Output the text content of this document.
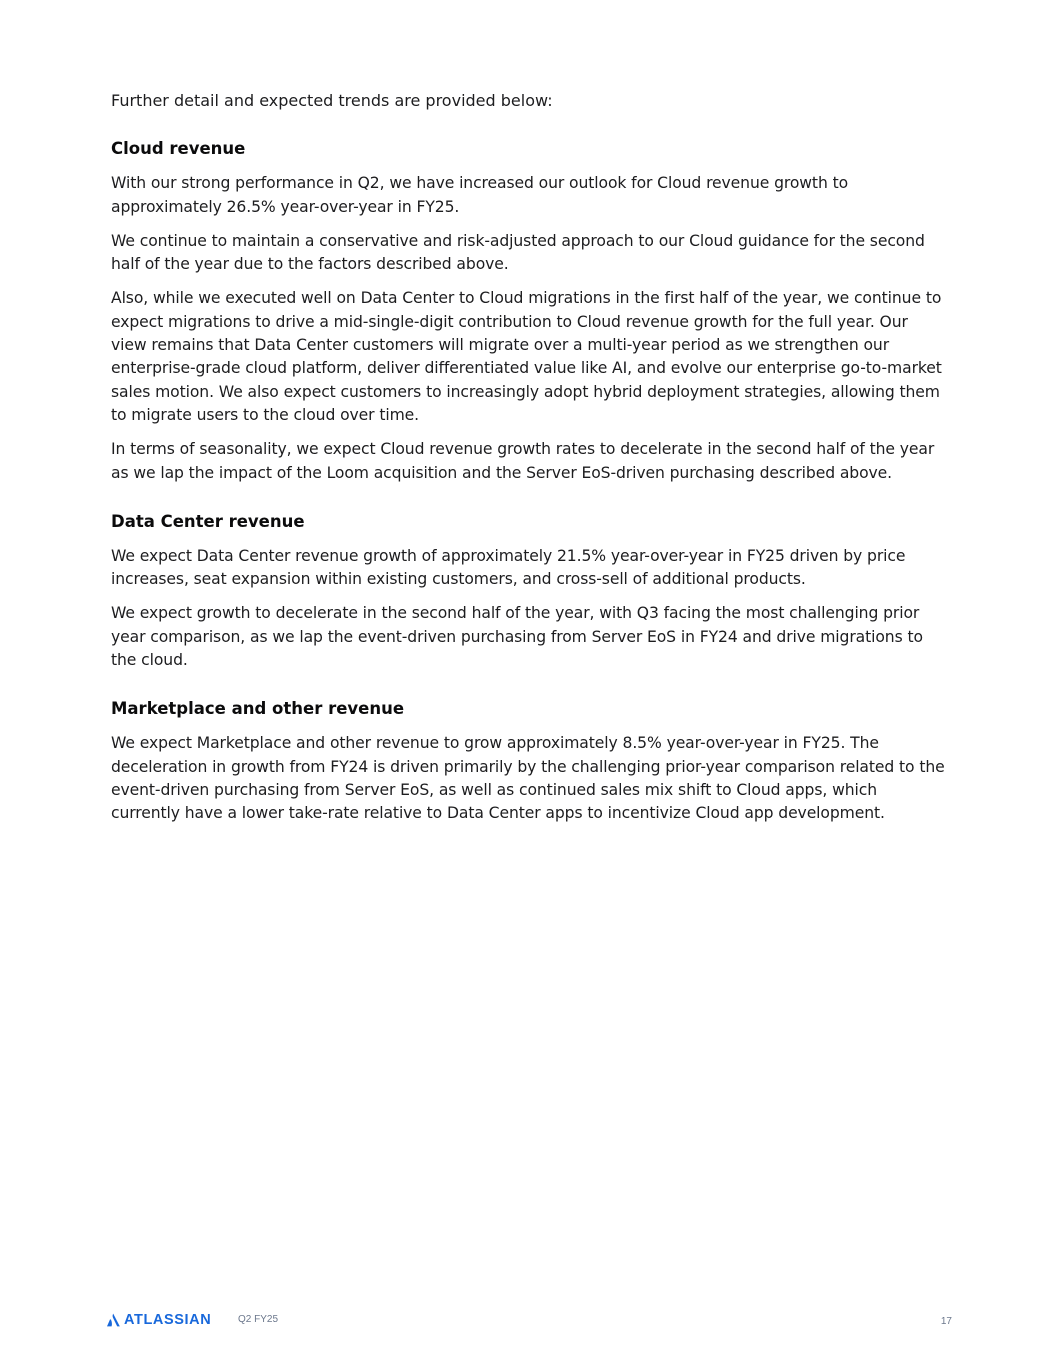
Further detail and expected trends are provided below:

Cloud revenue

With our strong performance in Q2, we have increased our outlook for Cloud revenue growth to approximately 26.5% year-over-year in FY25.

We continue to maintain a conservative and risk-adjusted approach to our Cloud guidance for the second half of the year due to the factors described above.

Also, while we executed well on Data Center to Cloud migrations in the first half of the year, we continue to expect migrations to drive a mid-single-digit contribution to Cloud revenue growth for the full year. Our view remains that Data Center customers will migrate over a multi-year period as we strengthen our enterprise-grade cloud platform, deliver differentiated value like AI, and evolve our enterprise go-to-market sales motion. We also expect customers to increasingly adopt hybrid deployment strategies, allowing them to migrate users to the cloud over time.

In terms of seasonality, we expect Cloud revenue growth rates to decelerate in the second half of the year as we lap the impact of the Loom acquisition and the Server EoS-driven purchasing described above.

Data Center revenue

We expect Data Center revenue growth of approximately 21.5% year-over-year in FY25 driven by price increases, seat expansion within existing customers, and cross-sell of additional products.

We expect growth to decelerate in the second half of the year, with Q3 facing the most challenging prior year comparison, as we lap the event-driven purchasing from Server EoS in FY24 and drive migrations to the cloud.

Marketplace and other revenue

We expect Marketplace and other revenue to grow approximately 8.5% year-over-year in FY25. The deceleration in growth from FY24 is driven primarily by the challenging prior-year comparison related to the event-driven purchasing from Server EoS, as well as continued sales mix shift to Cloud apps, which currently have a lower take-rate relative to Data Center apps to incentivize Cloud app development.

ATLASSIAN	Q2 FY25	17
